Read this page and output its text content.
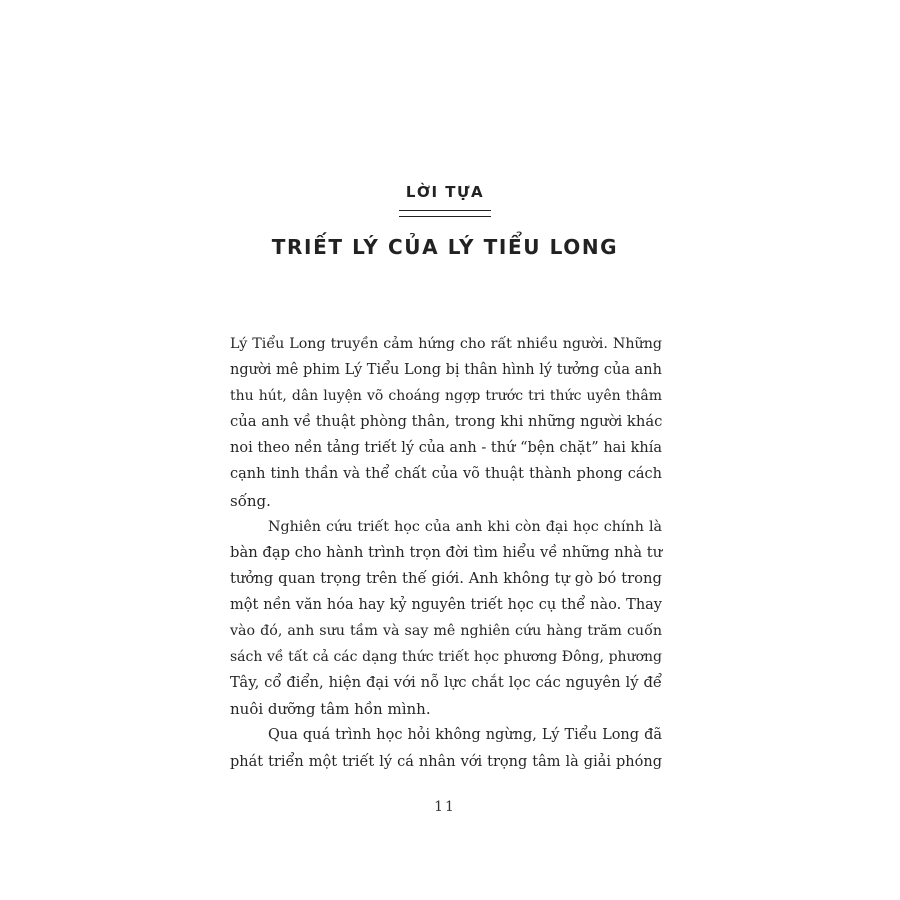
LỜI TỰA
TRIẾT LÝ CỦA LÝ TIỂU LONG

Lý Tiểu Long truyền cảm hứng cho rất nhiều người. Những
người mê phim Lý Tiểu Long bị thân hình lý tưởng của anh
thu hút, dân luyện võ choáng ngợp trước tri thức uyên thâm
của anh về thuật phòng thân, trong khi những người khác
noi theo nền tảng triết lý của anh - thứ “bện chặt” hai khía
cạnh tinh thần và thể chất của võ thuật thành phong cách
sống.

Nghiên cứu triết học của anh khi còn đại học chính là
bàn đạp cho hành trình trọn đời tìm hiểu về những nhà tư
tưởng quan trọng trên thế giới. Anh không tự gò bó trong
một nền văn hóa hay kỷ nguyên triết học cụ thể nào. Thay
vào đó, anh sưu tầm và say mê nghiên cứu hàng trăm cuốn
sách về tất cả các dạng thức triết học phương Đông, phương
Tây, cổ điển, hiện đại với nỗ lực chắt lọc các nguyên lý để
nuôi dưỡng tâm hồn mình.

Qua quá trình học hỏi không ngừng, Lý Tiểu Long đã
phát triển một triết lý cá nhân với trọng tâm là giải phóng

11
